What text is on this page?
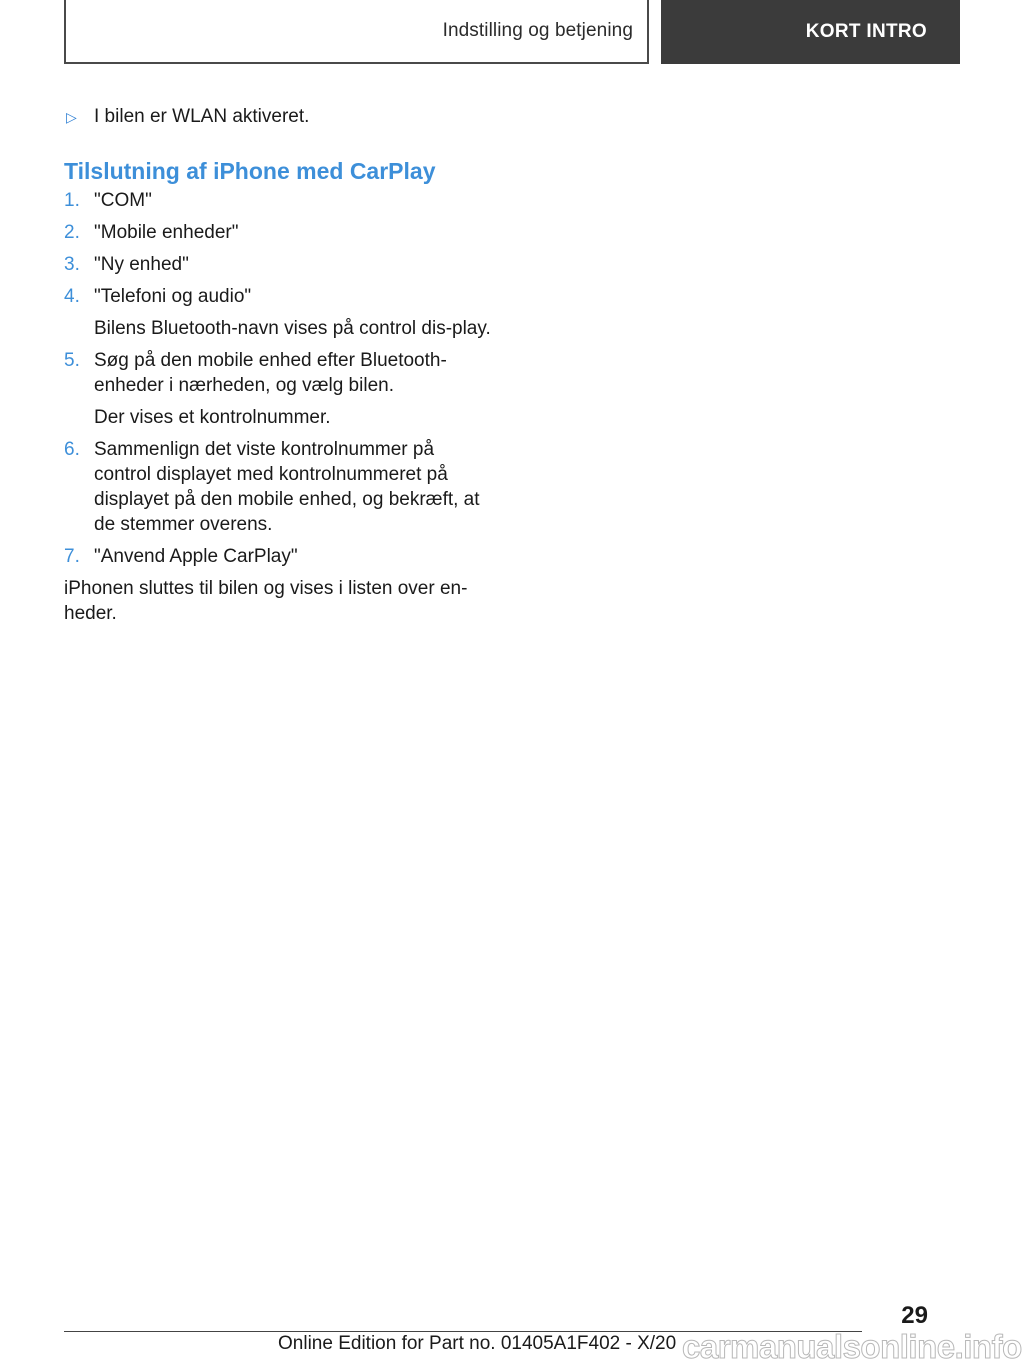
Indstilling og betjening	KORT INTRO
▷ I bilen er WLAN aktiveret.
Tilslutning af iPhone med CarPlay
1. "COM"
2. "Mobile enheder"
3. "Ny enhed"
4. "Telefoni og audio"
Bilens Bluetooth-navn vises på control dis-play.
5. Søg på den mobile enhed efter Bluetooth-enheder i nærheden, og vælg bilen.
Der vises et kontrolnummer.
6. Sammenlign det viste kontrolnummer på control displayet med kontrolnummeret på displayet på den mobile enhed, og bekræft, at de stemmer overens.
7. "Anvend Apple CarPlay"
iPhonen sluttes til bilen og vises i listen over en-heder.
29
Online Edition for Part no. 01405A1F402 - X/20 carmanualsonline.info
